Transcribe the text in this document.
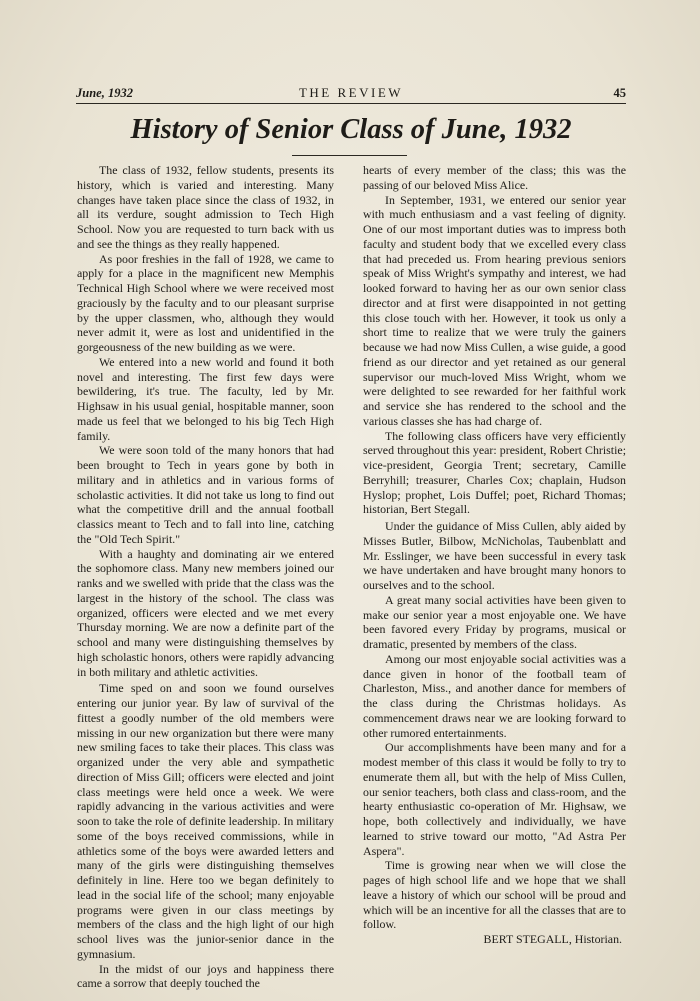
June, 1932	THE REVIEW	45
History of Senior Class of June, 1932

The class of 1932, fellow students, presents its history, which is varied and interesting. Many changes have taken place since the class of 1932, in all its verdure, sought admission to Tech High School. Now you are requested to turn back with us and see the things as they really happened.

As poor freshies in the fall of 1928, we came to apply for a place in the magnificent new Memphis Technical High School where we were received most graciously by the faculty and to our pleasant surprise by the upper classmen, who, although they would never admit it, were as lost and unidentified in the gorgeousness of the new building as we were.

We entered into a new world and found it both novel and interesting. The first few days were bewildering, it's true. The faculty, led by Mr. Highsaw in his usual genial, hospitable manner, soon made us feel that we belonged to his big Tech High family.

We were soon told of the many honors that had been brought to Tech in years gone by both in military and in athletics and in various forms of scholastic activities. It did not take us long to find out what the competitive drill and the annual football classics meant to Tech and to fall into line, catching the "Old Tech Spirit."

With a haughty and dominating air we entered the sophomore class. Many new members joined our ranks and we swelled with pride that the class was the largest in the history of the school. The class was organized, officers were elected and we met every Thursday morning. We are now a definite part of the school and many were distinguishing themselves by high scholastic honors, others were rapidly advancing in both military and athletic activities.

Time sped on and soon we found ourselves entering our junior year. By law of survival of the fittest a goodly number of the old members were missing in our new organization but there were many new smiling faces to take their places. This class was organized under the very able and sympathetic direction of Miss Gill; officers were elected and joint class meetings were held once a week. We were rapidly advancing in the various activities and were soon to take the role of definite leadership. In military some of the boys received commissions, while in athletics some of the boys were awarded letters and many of the girls were distinguishing themselves definitely in line. Here too we began definitely to lead in the social life of the school; many enjoyable programs were given in our class meetings by members of the class and the high light of our high school lives was the junior-senior dance in the gymnasium.

In the midst of our joys and happiness there came a sorrow that deeply touched the

hearts of every member of the class; this was the passing of our beloved Miss Alice.

In September, 1931, we entered our senior year with much enthusiasm and a vast feeling of dignity. One of our most important duties was to impress both faculty and student body that we excelled every class that had preceded us. From hearing previous seniors speak of Miss Wright's sympathy and interest, we had looked forward to having her as our own senior class director and at first were disappointed in not getting this close touch with her. However, it took us only a short time to realize that we were truly the gainers because we had now Miss Cullen, a wise guide, a good friend as our director and yet retained as our general supervisor our much-loved Miss Wright, whom we were delighted to see rewarded for her faithful work and service she has rendered to the school and the various classes she has had charge of.

The following class officers have very efficiently served throughout this year: president, Robert Christie; vice-president, Georgia Trent; secretary, Camille Berryhill; treasurer, Charles Cox; chaplain, Hudson Hyslop; prophet, Lois Duffel; poet, Richard Thomas; historian, Bert Stegall.

Under the guidance of Miss Cullen, ably aided by Misses Butler, Bilbow, McNicholas, Taubenblatt and Mr. Esslinger, we have been successful in every task we have undertaken and have brought many honors to ourselves and to the school.

A great many social activities have been given to make our senior year a most enjoyable one. We have been favored every Friday by programs, musical or dramatic, presented by members of the class.

Among our most enjoyable social activities was a dance given in honor of the football team of Charleston, Miss., and another dance for members of the class during the Christmas holidays. As commencement draws near we are looking forward to other rumored entertainments.

Our accomplishments have been many and for a modest member of this class it would be folly to try to enumerate them all, but with the help of Miss Cullen, our senior teachers, both class and class-room, and the hearty enthusiastic co-operation of Mr. Highsaw, we hope, both collectively and individually, we have learned to strive toward our motto, "Ad Astra Per Aspera".

Time is growing near when we will close the pages of high school life and we hope that we shall leave a history of which our school will be proud and which will be an incentive for all the classes that are to follow.

BERT STEGALL, Historian.
